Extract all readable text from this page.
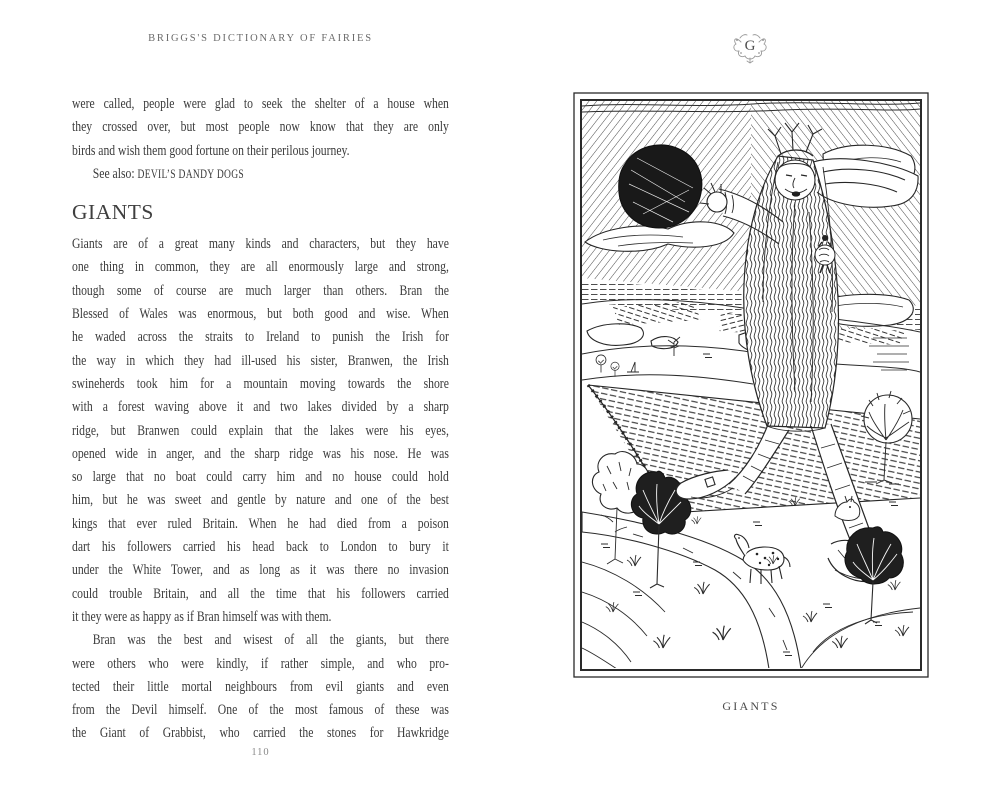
BRIGGS'S DICTIONARY OF FAIRIES	G
were called, people were glad to seek the shelter of a house when
they crossed over, but most people now know that they are only
birds and wish them good fortune on their perilous journey.
See also: DEVIL’S DANDY DOGS
GIANTS
Giants are of a great many kinds and characters, but they have
one thing in common, they are all enormously large and strong,
though some of course are much larger than others. Bran the
Blessed of Wales was enormous, but both good and wise. When
he waded across the straits to Ireland to punish the Irish for
the way in which they had ill-used his sister, Branwen, the Irish
swineherds took him for a mountain moving towards the shore
with a forest waving above it and two lakes divided by a sharp
ridge, but Branwen could explain that the lakes were his eyes,
opened wide in anger, and the sharp ridge was his nose. He was
so large that no boat could carry him and no house could hold
him, but he was sweet and gentle by nature and one of the best
kings that ever ruled Britain. When he had died from a poison
dart his followers carried his head back to London to bury it
under the White Tower, and as long as it was there no invasion
could trouble Britain, and all the time that his followers carried
it they were as happy as if Bran himself was with them.
Bran was the best and wisest of all the giants, but there
were others who were kindly, if rather simple, and who pro-
tected their little mortal neighbours from evil giants and even
from the Devil himself. One of the most famous of these was
the Giant of Grabbist, who carried the stones for Hawkridge
110
GIANTS
